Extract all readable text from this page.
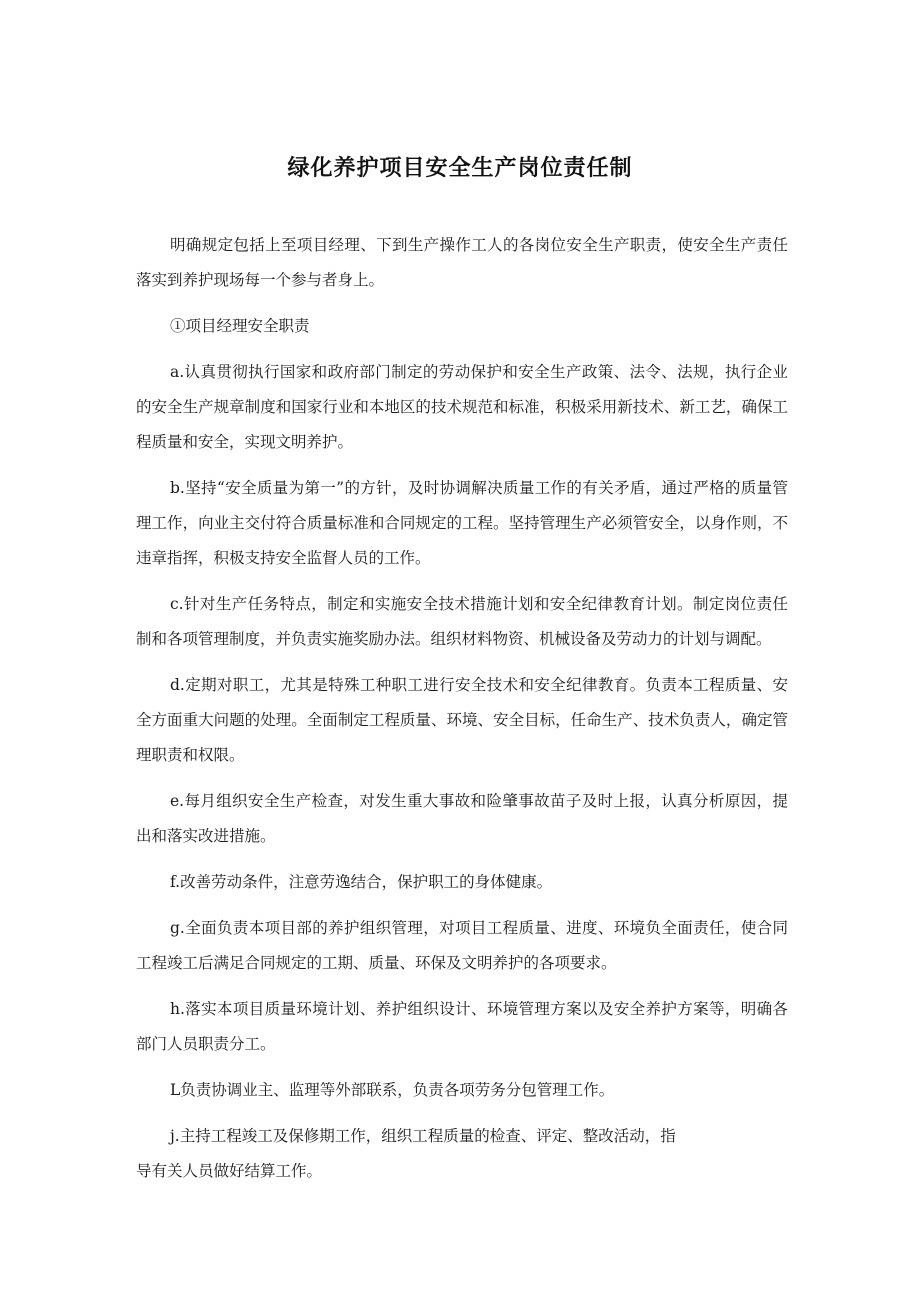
绿化养护项目安全生产岗位责任制

明确规定包括上至项目经理、下到生产操作工人的各岗位安全生产职责，使安全生产责任落实到养护现场每一个参与者身上。

①项目经理安全职责

a.认真贯彻执行国家和政府部门制定的劳动保护和安全生产政策、法令、法规，执行企业的安全生产规章制度和国家行业和本地区的技术规范和标准，积极采用新技术、新工艺，确保工程质量和安全，实现文明养护。

b.坚持“安全质量为第一”的方针，及时协调解决质量工作的有关矛盾，通过严格的质量管理工作，向业主交付符合质量标准和合同规定的工程。坚持管理生产必须管安全，以身作则，不违章指挥，积极支持安全监督人员的工作。

c.针对生产任务特点，制定和实施安全技术措施计划和安全纪律教育计划。制定岗位责任制和各项管理制度，并负责实施奖励办法。组织材料物资、机械设备及劳动力的计划与调配。

d.定期对职工，尤其是特殊工种职工进行安全技术和安全纪律教育。负责本工程质量、安全方面重大问题的处理。全面制定工程质量、环境、安全目标，任命生产、技术负责人，确定管理职责和权限。

e.每月组织安全生产检查，对发生重大事故和险肇事故苗子及时上报，认真分析原因，提出和落实改进措施。

f.改善劳动条件，注意劳逸结合，保护职工的身体健康。

g.全面负责本项目部的养护组织管理，对项目工程质量、进度、环境负全面责任，使合同工程竣工后满足合同规定的工期、质量、环保及文明养护的各项要求。

h.落实本项目质量环境计划、养护组织设计、环境管理方案以及安全养护方案等，明确各部门人员职责分工。

L负责协调业主、监理等外部联系，负责各项劳务分包管理工作。

j.主持工程竣工及保修期工作，组织工程质量的检查、评定、整改活动，指

导有关人员做好结算工作。
